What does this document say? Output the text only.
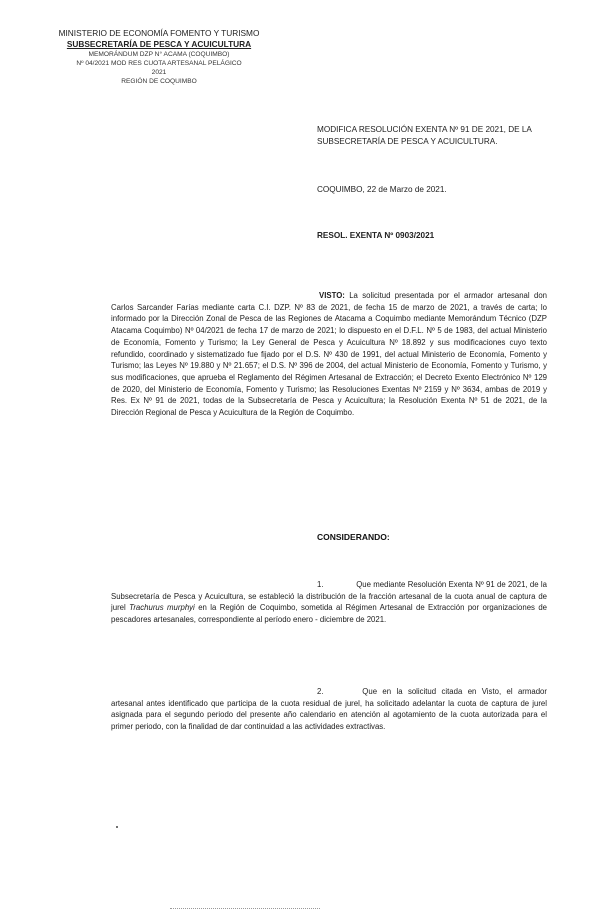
MINISTERIO DE ECONOMÍA FOMENTO Y TURISMO
SUBSECRETARÍA DE PESCA Y ACUICULTURA
MEMORÁNDUM DZP N° ACAMA (COQUIMBO)
Nº 04/2021 MOD RES CUOTA ARTESANAL PELÁGICO
2021
REGIÓN DE COQUIMBO
MODIFICA RESOLUCIÓN EXENTA Nº 91 DE 2021, DE LA SUBSECRETARÍA DE PESCA Y ACUICULTURA.
COQUIMBO, 22 de Marzo de 2021.
RESOL. EXENTA Nº 0903/2021
VISTO: La solicitud presentada por el armador artesanal don Carlos Sarcander Farías mediante carta C.I. DZP. Nº 83 de 2021, de fecha 15 de marzo de 2021, a través de carta; lo informado por la Dirección Zonal de Pesca de las Regiones de Atacama a Coquimbo mediante Memorándum Técnico (DZP Atacama Coquimbo) Nº 04/2021 de fecha 17 de marzo de 2021; lo dispuesto en el D.F.L. Nº 5 de 1983, del actual Ministerio de Economía, Fomento y Turismo; la Ley General de Pesca y Acuicultura Nº 18.892 y sus modificaciones cuyo texto refundido, coordinado y sistematizado fue fijado por el D.S. Nº 430 de 1991, del actual Ministerio de Economía, Fomento y Turismo; las Leyes Nº 19.880 y Nº 21.657; el D.S. Nº 396 de 2004, del actual Ministerio de Economía, Fomento y Turismo, y sus modificaciones, que aprueba el Reglamento del Régimen Artesanal de Extracción; el Decreto Exento Electrónico Nº 129 de 2020, del Ministerio de Economía, Fomento y Turismo; las Resoluciones Exentas Nº 2159 y Nº 3634, ambas de 2019 y Res. Ex Nº 91 de 2021, todas de la Subsecretaría de Pesca y Acuicultura; la Resolución Exenta Nº 51 de 2021, de la Dirección Regional de Pesca y Acuicultura de la Región de Coquimbo.
CONSIDERANDO:
1.	Que mediante Resolución Exenta Nº 91 de 2021, de la Subsecretaría de Pesca y Acuicultura, se estableció la distribución de la fracción artesanal de la cuota anual de captura de jurel Trachurus murphyi en la Región de Coquimbo, sometida al Régimen Artesanal de Extracción por organizaciones de pescadores artesanales, correspondiente al período enero - diciembre de 2021.
2.	Que en la solicitud citada en Visto, el armador artesanal antes identificado que participa de la cuota residual de jurel, ha solicitado adelantar la cuota de captura de jurel asignada para el segundo periodo del presente año calendario en atención al agotamiento de la cuota autorizada para el primer periodo, con la finalidad de dar continuidad a las actividades extractivas.
